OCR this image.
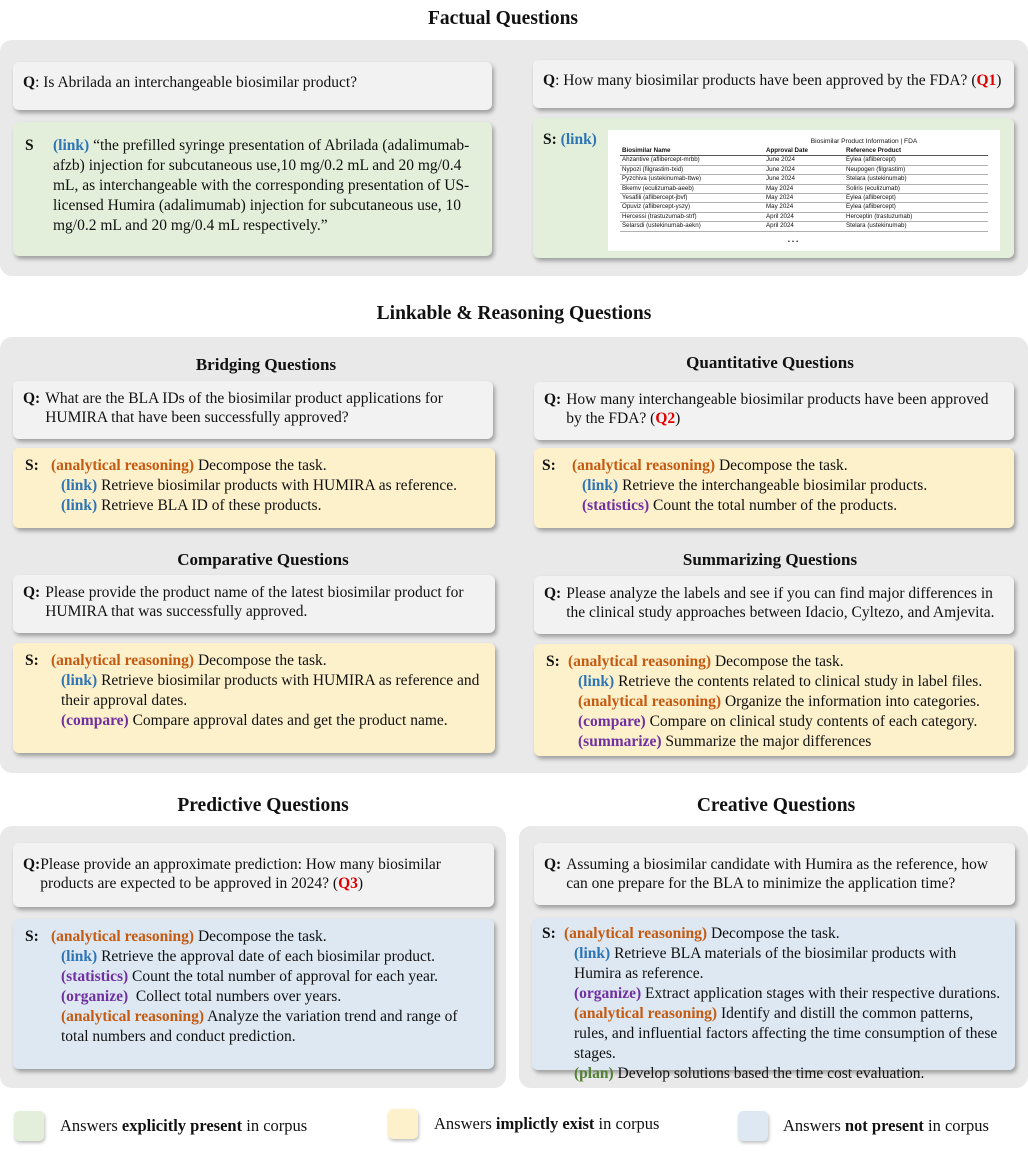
Factual Questions
Q: Is Abrilada an interchangeable biosimilar product?
S	(link) “the prefilled syringe presentation of Abrilada (adalimumab-afzb) injection for subcutaneous use,10 mg/0.2 mL and 20 mg/0.4 mL, as interchangeable with the corresponding presentation of US-licensed Humira (adalimumab) injection for subcutaneous use, 10 mg/0.2 mL and 20 mg/0.4 mL respectively.”
Q: How many biosimilar products have been approved by the FDA? (Q1)
S: (link)	Biosimilar Product Information | FDA
Biosimilar Name	Approval Date	Reference Product
Ahzantive (aflibercept-mrbb)	June 2024	Eylea (aflibercept)
Nypozi (filgrastim-txid)	June 2024	Neupogen (filgrastim)
Pyzchiva (ustekinumab-ttwe)	June 2024	Stelara (ustekinumab)
Bkemv (eculizumab-aeeb)	May 2024	Soliris (eculizumab)
Yesafili (aflibercept-jbvf)	May 2024	Eylea (aflibercept)
Opuviz (aflibercept-yszy)	May 2024	Eylea (aflibercept)
Hercessi (trastuzumab-strf)	April 2024	Herceptin (trastuzumab)
Selarsdi (ustekinumab-aekn)	April 2024	Stelara (ustekinumab)
…
Linkable & Reasoning Questions
Bridging Questions
Q: What are the BLA IDs of the biosimilar product applications for HUMIRA that have been successfully approved?
S: (analytical reasoning) Decompose the task.
(link) Retrieve biosimilar products with HUMIRA as reference.
(link) Retrieve BLA ID of these products.
Quantitative Questions
Q: How many interchangeable biosimilar products have been approved by the FDA? (Q2)
S:	(analytical reasoning) Decompose the task.
(link) Retrieve the interchangeable biosimilar products.
(statistics) Count the total number of the products.
Comparative Questions
Q: Please provide the product name of the latest biosimilar product for HUMIRA that was successfully approved.
S: (analytical reasoning) Decompose the task.
(link) Retrieve biosimilar products with HUMIRA as reference and their approval dates.
(compare) Compare approval dates and get the product name.
Summarizing Questions
Q: Please analyze the labels and see if you can find major differences in the clinical study approaches between Idacio, Cyltezo, and Amjevita.
S: (analytical reasoning) Decompose the task.
(link) Retrieve the contents related to clinical study in label files.
(analytical reasoning) Organize the information into categories.
(compare) Compare on clinical study contents of each category.
(summarize) Summarize the major differences
Predictive Questions
Q: Please provide an approximate prediction: How many biosimilar products are expected to be approved in 2024? (Q3)
S: (analytical reasoning) Decompose the task.
(link) Retrieve the approval date of each biosimilar product.
(statistics) Count the total number of approval for each year.
(organize)  Collect total numbers over years.
(analytical reasoning) Analyze the variation trend and range of total numbers and conduct prediction.
Creative Questions
Q: Assuming a biosimilar candidate with Humira as the reference, how can one prepare for the BLA to minimize the application time?
S: (analytical reasoning) Decompose the task.
(link) Retrieve BLA materials of the biosimilar products with Humira as reference.
(organize) Extract application stages with their respective durations.
(analytical reasoning) Identify and distill the common patterns, rules, and influential factors affecting the time consumption of these stages.
(plan) Develop solutions based the time cost evaluation.
Answers explicitly present in corpus	Answers implictly exist in corpus	Answers not present in corpus
